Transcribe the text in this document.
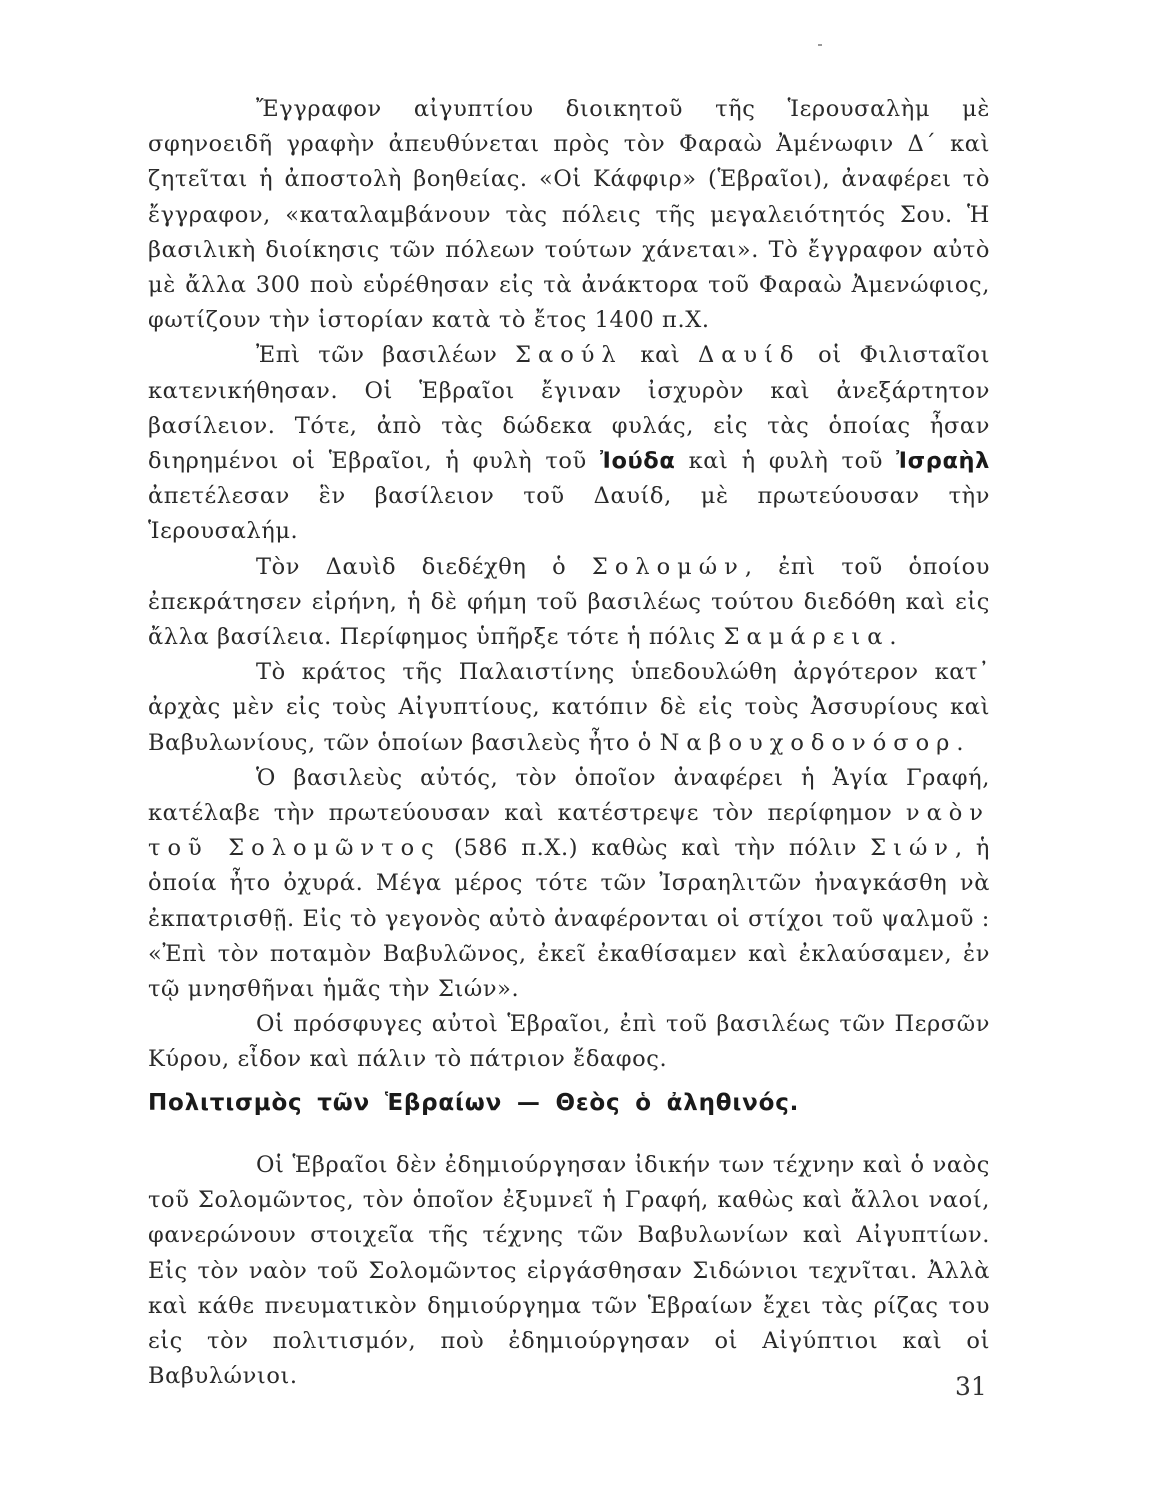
Ἔγγραφον αἰγυπτίου διοικητοῦ τῆς Ἱερουσαλὴμ μὲ σφηνοειδῆ γραφὴν ἀπευθύνεται πρὸς τὸν Φαραὼ Ἀμένωφιν Δ΄ καὶ ζητεῖται ἡ ἀποστολὴ βοηθείας. «Οἱ Κάφφιρ» (Ἑβραῖοι), ἀναφέρει τὸ ἔγγραφον, «καταλαμβάνουν τὰς πόλεις τῆς μεγαλειότητός Σου. Ἡ βασιλικὴ διοίκησις τῶν πόλεων τούτων χάνεται». Τὸ ἔγγραφον αὐτὸ μὲ ἄλλα 300 ποὺ εὑρέθησαν εἰς τὰ ἀνάκτορα τοῦ Φαραὼ Ἀμενώφιος, φωτίζουν τὴν ἱστορίαν κατὰ τὸ ἔτος 1400 π.Χ.

Ἐπὶ τῶν βασιλέων Σαούλ καὶ Δαυίδ οἱ Φιλισταῖοι κατενικήθησαν. Οἱ Ἑβραῖοι ἔγιναν ἰσχυρὸν καὶ ἀνεξάρτητον βασίλειον. Τότε, ἀπὸ τὰς δώδεκα φυλάς, εἰς τὰς ὁποίας ἦσαν διηρημένοι οἱ Ἑβραῖοι, ἡ φυλὴ τοῦ Ἰούδα καὶ ἡ φυλὴ τοῦ Ἰσραὴλ ἀπετέλεσαν ἓν βασίλειον τοῦ Δαυίδ, μὲ πρωτεύουσαν τὴν Ἱερουσαλήμ.

Τὸν Δαυὶδ διεδέχθη ὁ Σολομών, ἐπὶ τοῦ ὁποίου ἐπεκράτησεν εἰρήνη, ἡ δὲ φήμη τοῦ βασιλέως τούτου διεδόθη καὶ εἰς ἄλλα βασίλεια. Περίφημος ὑπῆρξε τότε ἡ πόλις Σαμάρεια.

Τὸ κράτος τῆς Παλαιστίνης ὑπεδουλώθη ἀργότερον κατ᾽ ἀρχὰς μὲν εἰς τοὺς Αἰγυπτίους, κατόπιν δὲ εἰς τοὺς Ἀσσυρίους καὶ Βαβυλωνίους, τῶν ὁποίων βασιλεὺς ἦτο ὁ Ναβουχοδονόσορ.

Ὁ βασιλεὺς αὐτός, τὸν ὁποῖον ἀναφέρει ἡ Ἁγία Γραφή, κατέλαβε τὴν πρωτεύουσαν καὶ κατέστρεψε τὸν περίφημον ναὸν τοῦ Σολομῶντος (586 π.Χ.) καθὼς καὶ τὴν πόλιν Σιών, ἡ ὁποία ἦτο ὀχυρά. Μέγα μέρος τότε τῶν Ἰσραηλιτῶν ἠναγκάσθη νὰ ἐκπατρισθῇ. Εἰς τὸ γεγονὸς αὐτὸ ἀναφέρονται οἱ στίχοι τοῦ ψαλμοῦ : «Ἐπὶ τὸν ποταμὸν Βαβυλῶνος, ἐκεῖ ἐκαθίσαμεν καὶ ἐκλαύσαμεν, ἐν τῷ μνησθῆναι ἡμᾶς τὴν Σιών».

Οἱ πρόσφυγες αὐτοὶ Ἑβραῖοι, ἐπὶ τοῦ βασιλέως τῶν Περσῶν Κύρου, εἶδον καὶ πάλιν τὸ πάτριον ἔδαφος.

Πολιτισμὸς τῶν Ἑβραίων — Θεὸς ὁ ἀληθινός.

Οἱ Ἑβραῖοι δὲν ἐδημιούργησαν ἰδικήν των τέχνην καὶ ὁ ναὸς τοῦ Σολομῶντος, τὸν ὁποῖον ἐξυμνεῖ ἡ Γραφή, καθὼς καὶ ἄλλοι ναοί, φανερώνουν στοιχεῖα τῆς τέχνης τῶν Βαβυλωνίων καὶ Αἰγυπτίων. Εἰς τὸν ναὸν τοῦ Σολομῶντος εἰργάσθησαν Σιδώνιοι τεχνῖται. Ἀλλὰ καὶ κάθε πνευματικὸν δημιούργημα τῶν Ἑβραίων ἔχει τὰς ρίζας του εἰς τὸν πολιτισμόν, ποὺ ἐδημιούργησαν οἱ Αἰγύπτιοι καὶ οἱ Βαβυλώνιοι.	31
